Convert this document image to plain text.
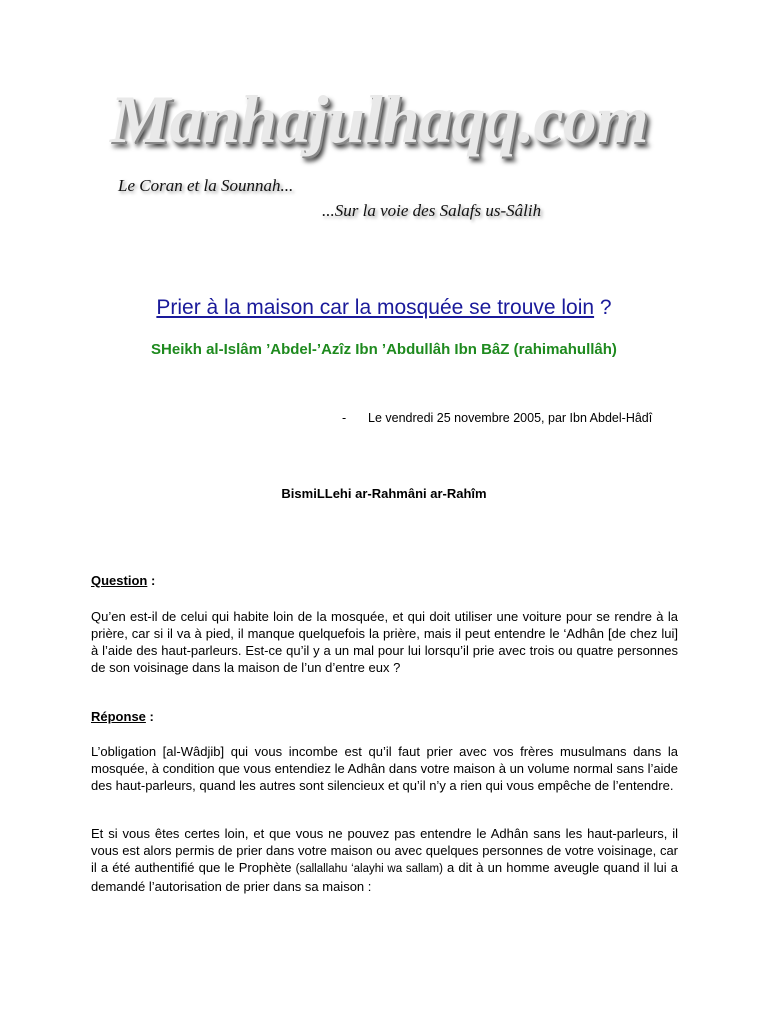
Manhajulhaqq.com
Le Coran et la Sounnah...
...Sur la voie des Salafs us-Sâlih
Prier à la maison car la mosquée se trouve loin ?
SHeikh al-Islâm ’Abdel-’Azîz Ibn ’Abdullâh Ibn BâZ (rahimahullâh)
- Le vendredi 25 novembre 2005, par Ibn Abdel-Hâdî
BismiLLehi ar-Rahmâni ar-Rahîm
Question :
Qu’en est-il de celui qui habite loin de la mosquée, et qui doit utiliser une voiture pour se rendre à la prière, car si il va à pied, il manque quelquefois la prière, mais il peut entendre le ‘Adhân [de chez lui] à l’aide des haut-parleurs. Est-ce qu’il y a un mal pour lui lorsqu’il prie avec trois ou quatre personnes de son voisinage dans la maison de l’un d’entre eux ?
Réponse :
L’obligation [al-Wâdjib] qui vous incombe est qu’il faut prier avec vos frères musulmans dans la mosquée, à condition que vous entendiez le Adhân dans votre maison à un volume normal sans l’aide des haut-parleurs, quand les autres sont silencieux et qu’il n’y a rien qui vous empêche de l’entendre.
Et si vous êtes certes loin, et que vous ne pouvez pas entendre le Adhân sans les haut-parleurs, il vous est alors permis de prier dans votre maison ou avec quelques personnes de votre voisinage, car il a été authentifié que le Prophète (sallallahu ‘alayhi wa sallam) a dit à un homme aveugle quand il lui a demandé l’autorisation de prier dans sa maison :
